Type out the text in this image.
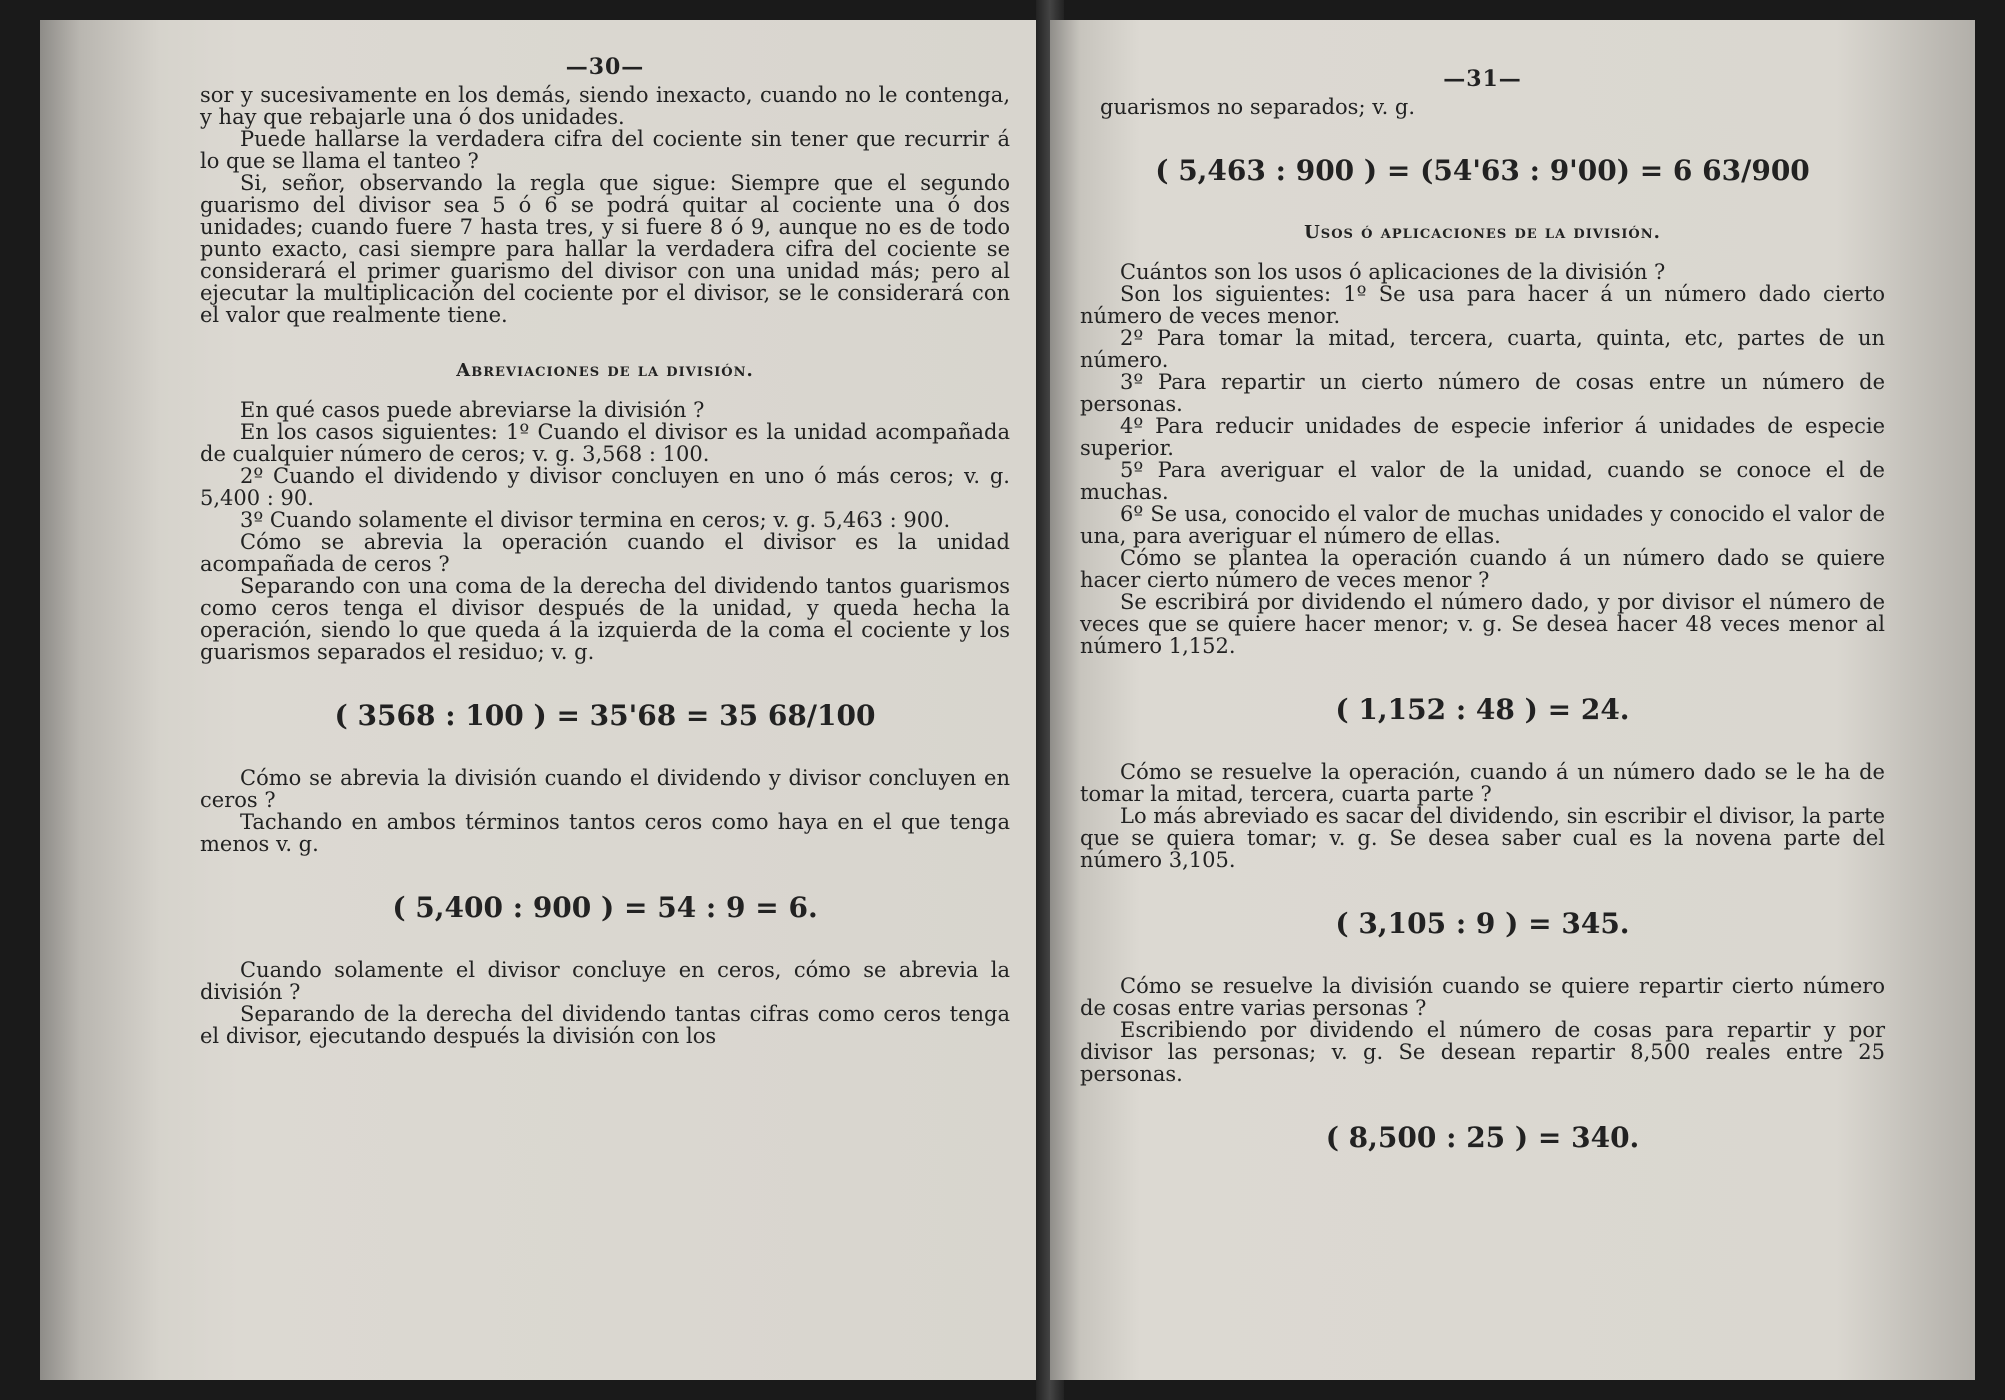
—30—

sor y sucesivamente en los demás, siendo inexacto, cuando no le contenga, y hay que rebajarle una ó dos unidades.

Puede hallarse la verdadera cifra del cociente sin tener que recurrir á lo que se llama el tanteo ?

Si, señor, observando la regla que sigue: Siempre que el segundo guarismo del divisor sea 5 ó 6 se podrá quitar al cociente una ó dos unidades; cuando fuere 7 hasta tres, y si fuere 8 ó 9, aunque no es de todo punto exacto, casi siempre para hallar la verdadera cifra del cociente se considerará el primer guarismo del divisor con una unidad más; pero al ejecutar la multiplicación del cociente por el divisor, se le considerará con el valor que realmente tiene.

Abreviaciones de la división.

En qué casos puede abreviarse la división ?

En los casos siguientes: 1º Cuando el divisor es la unidad acompañada de cualquier número de ceros; v. g. 3,568 : 100.

2º Cuando el dividendo y divisor concluyen en uno ó más ceros; v. g. 5,400 : 90.

3º Cuando solamente el divisor termina en ceros; v. g. 5,463 : 900.

Cómo se abrevia la operación cuando el divisor es la unidad acompañada de ceros ?

Separando con una coma de la derecha del dividendo tantos guarismos como ceros tenga el divisor después de la unidad, y queda hecha la operación, siendo lo que queda á la izquierda de la coma el cociente y los guarismos separados el residuo; v. g.

( 3568 : 100 ) = 35'68 = 35 68/100

Cómo se abrevia la división cuando el dividendo y divisor concluyen en ceros ?

Tachando en ambos términos tantos ceros como haya en el que tenga menos v. g.

( 5,400 : 900 ) = 54 : 9 = 6.

Cuando solamente el divisor concluye en ceros, cómo se abrevia la división ?

Separando de la derecha del dividendo tantas cifras como ceros tenga el divisor, ejecutando después la división con los

—31—

guarismos no separados; v. g.

( 5,463 : 900 ) = (54'63 : 9'00) = 6 63/900

Usos ó aplicaciones de la división.

Cuántos son los usos ó aplicaciones de la división ?

Son los siguientes: 1º Se usa para hacer á un número dado cierto número de veces menor.

2º Para tomar la mitad, tercera, cuarta, quinta, etc, partes de un número.

3º Para repartir un cierto número de cosas entre un número de personas.

4º Para reducir unidades de especie inferior á unidades de especie superior.

5º Para averiguar el valor de la unidad, cuando se conoce el de muchas.

6º Se usa, conocido el valor de muchas unidades y conocido el valor de una, para averiguar el número de ellas.

Cómo se plantea la operación cuando á un número dado se quiere hacer cierto número de veces menor ?

Se escribirá por dividendo el número dado, y por divisor el número de veces que se quiere hacer menor; v. g. Se desea hacer 48 veces menor al número 1,152.

( 1,152 : 48 ) = 24.

Cómo se resuelve la operación, cuando á un número dado se le ha de tomar la mitad, tercera, cuarta parte ?

Lo más abreviado es sacar del dividendo, sin escribir el divisor, la parte que se quiera tomar; v. g. Se desea saber cual es la novena parte del número 3,105.

( 3,105 : 9 ) = 345.

Cómo se resuelve la división cuando se quiere repartir cierto número de cosas entre varias personas ?

Escribiendo por dividendo el número de cosas para repartir y por divisor las personas; v. g. Se desean repartir 8,500 reales entre 25 personas.

( 8,500 : 25 ) = 340.
